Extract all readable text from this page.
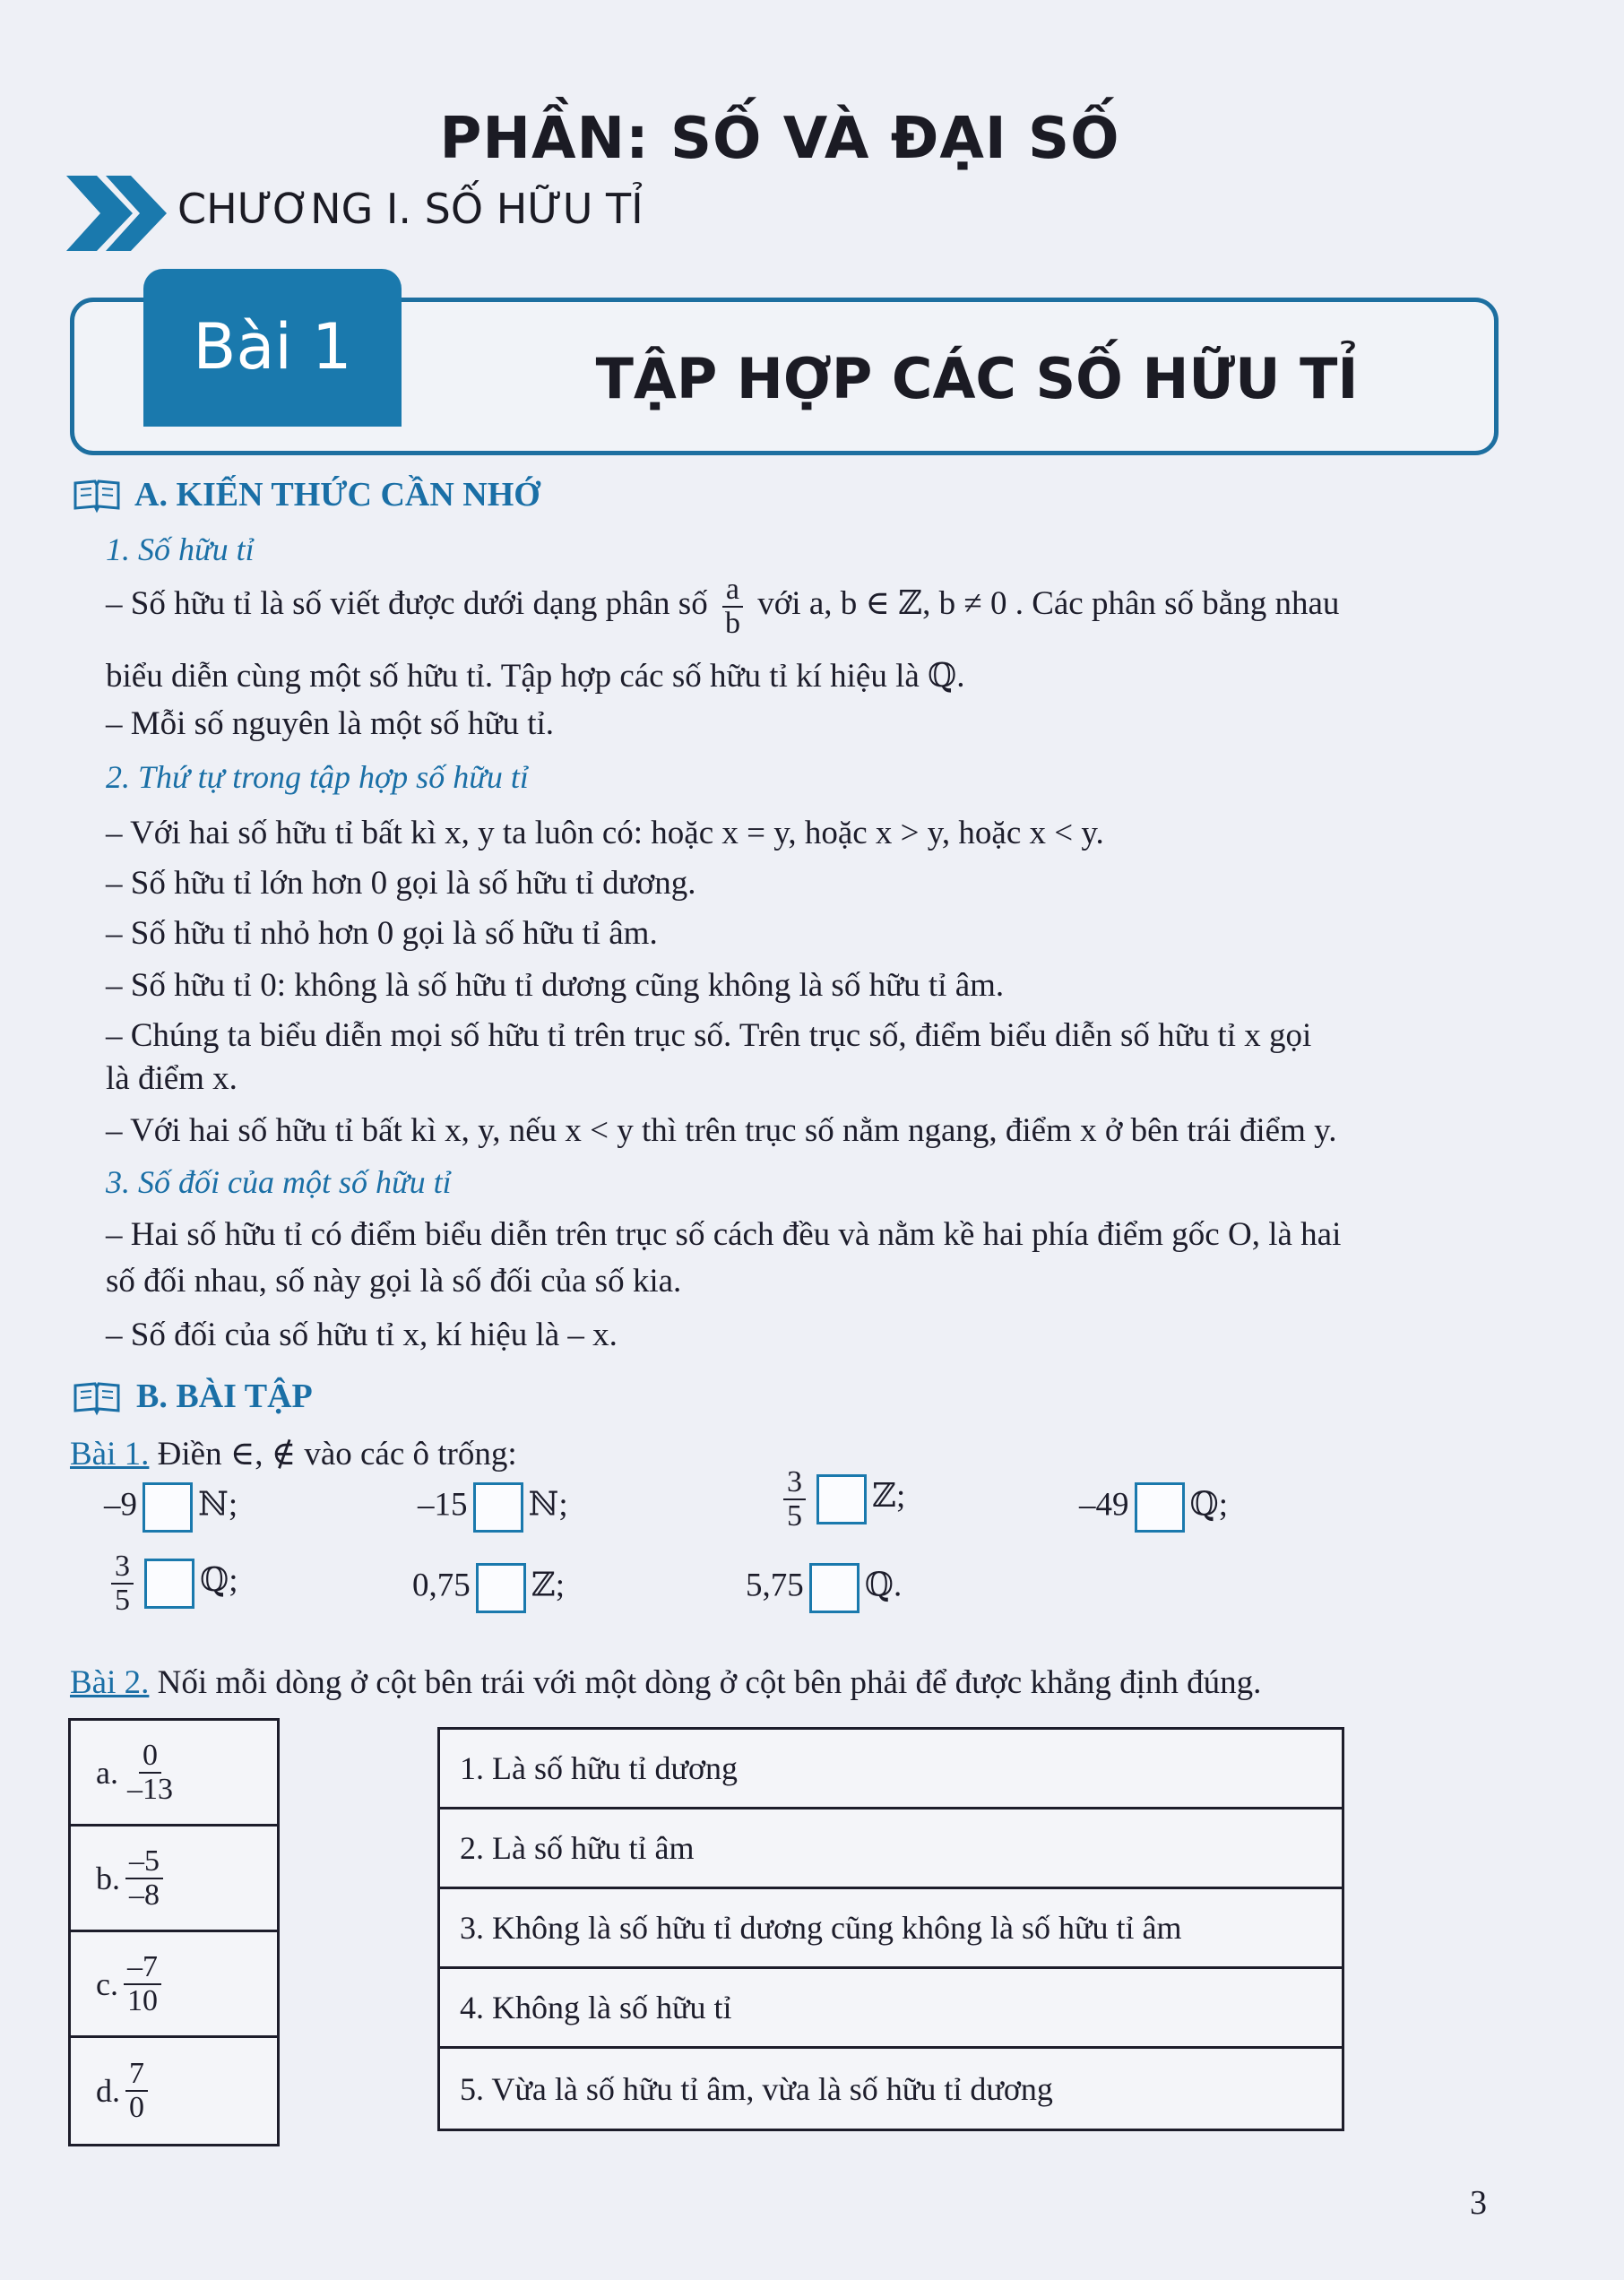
PHẦN: SỐ VÀ ĐẠI SỐ
CHƯƠNG I. SỐ HỮU TỈ
Bài 1	TẬP HỢP CÁC SỐ HỮU TỈ
A. KIẾN THỨC CẦN NHỚ
1. Số hữu tỉ
– Số hữu tỉ là số viết được dưới dạng phân số $\frac{a}{b}$ với a, b ∈ ℤ, b ≠ 0 . Các phân số bằng nhau
biểu diễn cùng một số hữu tỉ. Tập hợp các số hữu tỉ kí hiệu là ℚ.
– Mỗi số nguyên là một số hữu tỉ.
2. Thứ tự trong tập hợp số hữu tỉ
– Với hai số hữu tỉ bất kì x, y ta luôn có: hoặc x = y, hoặc x > y, hoặc x < y.
– Số hữu tỉ lớn hơn 0 gọi là số hữu tỉ dương.
– Số hữu tỉ nhỏ hơn 0 gọi là số hữu tỉ âm.
– Số hữu tỉ 0: không là số hữu tỉ dương cũng không là số hữu tỉ âm.
– Chúng ta biểu diễn mọi số hữu tỉ trên trục số. Trên trục số, điểm biểu diễn số hữu tỉ x gọi
là điểm x.
– Với hai số hữu tỉ bất kì x, y, nếu x < y thì trên trục số nằm ngang, điểm x ở bên trái điểm y.
3. Số đối của một số hữu tỉ
– Hai số hữu tỉ có điểm biểu diễn trên trục số cách đều và nằm kề hai phía điểm gốc O, là hai
số đối nhau, số này gọi là số đối của số kia.
– Số đối của số hữu tỉ x, kí hiệu là – x.
B. BÀI TẬP
Bài 1. Điền ∈, ∉ vào các ô trống:
–9 ℕ;	–15 ℕ;	$\frac{3}{5}$ ℤ;	–49 ℚ;
$\frac{3}{5}$ ℚ;	0,75 ℤ;	5,75 ℚ.
Bài 2. Nối mỗi dòng ở cột bên trái với một dòng ở cột bên phải để được khẳng định đúng.
a. $\frac{0}{-13}$
b. $\frac{-5}{-8}$
c. $\frac{-7}{10}$
d. $\frac{7}{0}$
1. Là số hữu tỉ dương
2. Là số hữu tỉ âm
3. Không là số hữu tỉ dương cũng không là số hữu tỉ âm
4. Không là số hữu tỉ
5. Vừa là số hữu tỉ âm, vừa là số hữu tỉ dương
3
